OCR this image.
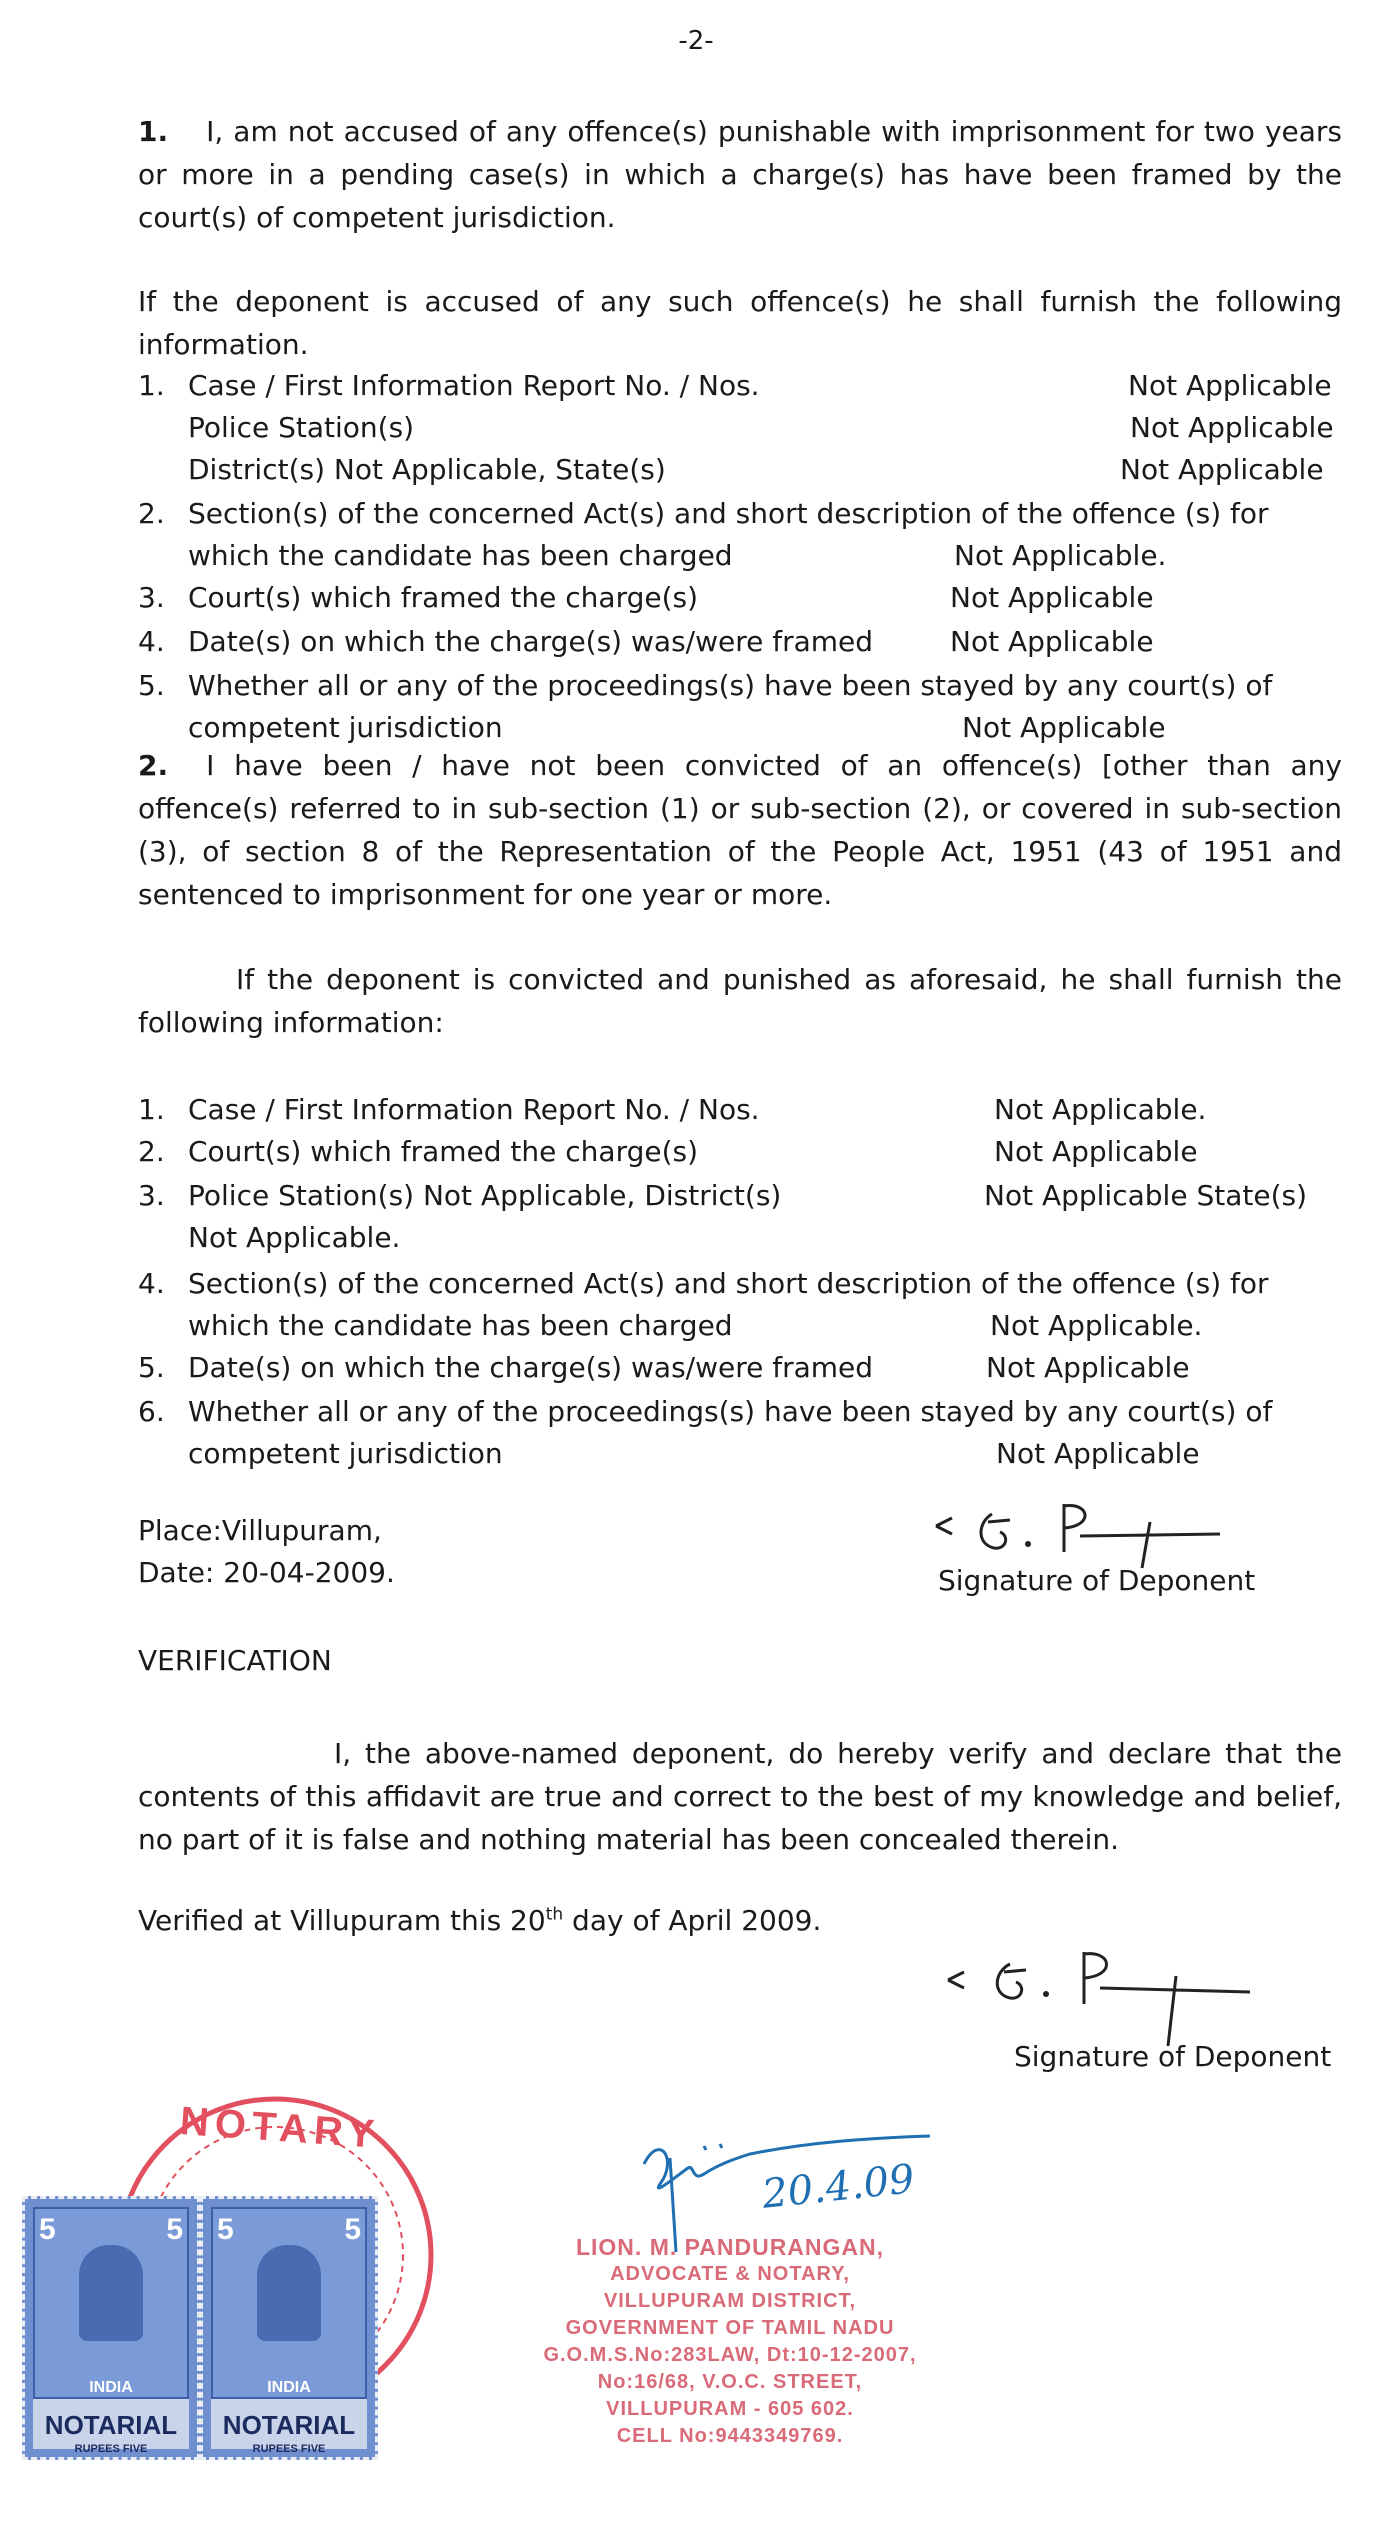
-2-
1. I, am not accused of any offence(s) punishable with imprisonment for two years or more in a pending case(s) in which a charge(s) has have been framed by the court(s) of competent jurisdiction.
If the deponent is accused of any such offence(s) he shall furnish the following information.
1. Case / First Information Report No. / Nos.	Not Applicable
Police Station(s)	Not Applicable
District(s) Not Applicable, State(s)	Not Applicable
2. Section(s) of the concerned Act(s) and short description of the offence (s) for
which the candidate has been charged	Not Applicable.
3. Court(s) which framed the charge(s)	Not Applicable
4. Date(s) on which the charge(s) was/were framed	Not Applicable
5. Whether all or any of the proceedings(s) have been stayed by any court(s) of
competent jurisdiction	Not Applicable
2. I have been / have not been convicted of an offence(s) [other than any offence(s) referred to in sub-section (1) or sub-section (2), or covered in sub-section (3), of section 8 of the Representation of the People Act, 1951 (43 of 1951 and sentenced to imprisonment for one year or more.
If the deponent is convicted and punished as aforesaid, he shall furnish the following information:
1. Case / First Information Report No. / Nos.	Not Applicable.
2. Court(s) which framed the charge(s)	Not Applicable
3. Police Station(s) Not Applicable, District(s)	Not Applicable State(s)
Not Applicable.
4. Section(s) of the concerned Act(s) and short description of the offence (s) for
which the candidate has been charged	Not Applicable.
5. Date(s) on which the charge(s) was/were framed	Not Applicable
6. Whether all or any of the proceedings(s) have been stayed by any court(s) of
competent jurisdiction	Not Applicable
Place:Villupuram,
Date: 20-04-2009.	Signature of Deponent
VERIFICATION
I, the above-named deponent, do hereby verify and declare that the contents of this affidavit are true and correct to the best of my knowledge and belief, no part of it is false and nothing material has been concealed therein.
Verified at Villupuram this 20th day of April 2009.
Signature of Deponent
NOTARY
5	5
INDIA
NOTARIAL
RUPEES FIVE
5	5
INDIA
NOTARIAL
RUPEES FIVE
20.4.09
LION. M. PANDURANGAN,
ADVOCATE & NOTARY,
VILLUPURAM DISTRICT,
GOVERNMENT OF TAMIL NADU
G.O.M.S.No:283LAW, Dt:10-12-2007,
No:16/68, V.O.C. STREET,
VILLUPURAM - 605 602.
CELL No:9443349769.
